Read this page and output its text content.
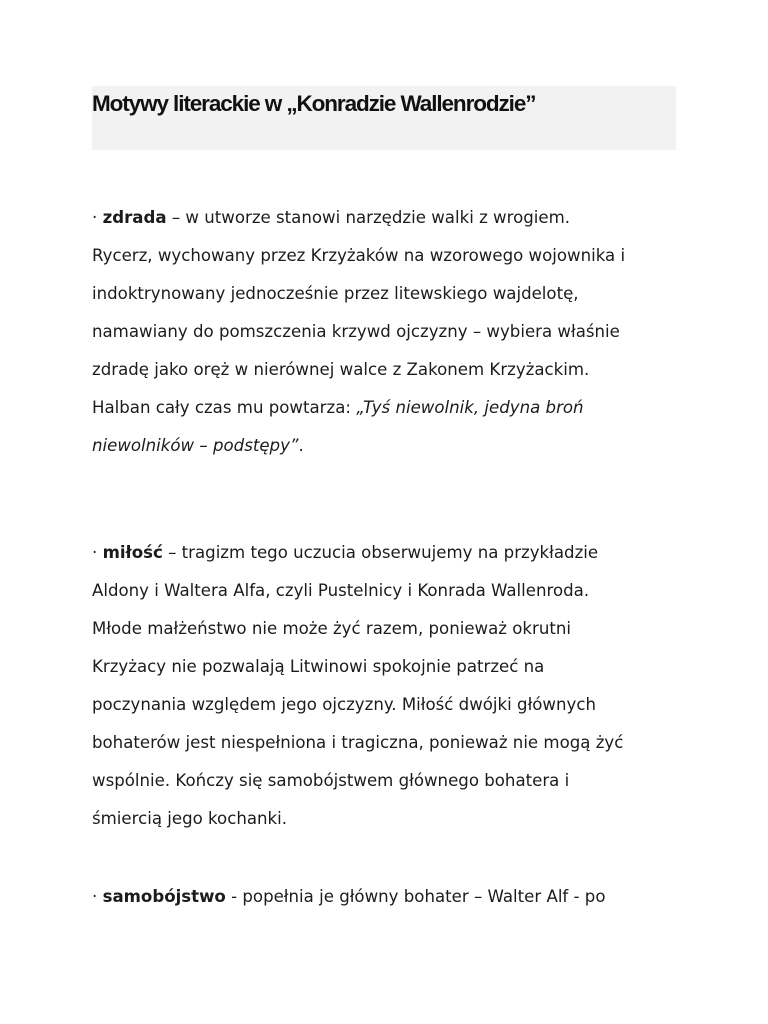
Motywy literackie w „Konradzie Wallenrodzie”

· zdrada – w utworze stanowi narzędzie walki z wrogiem.

Rycerz, wychowany przez Krzyżaków na wzorowego wojownika i

indoktrynowany jednocześnie przez litewskiego wajdelotę,

namawiany do pomszczenia krzywd ojczyzny – wybiera właśnie

zdradę jako oręż w nierównej walce z Zakonem Krzyżackim.

Halban cały czas mu powtarza: „Tyś niewolnik, jedyna broń

niewolników – podstępy”.

· miłość – tragizm tego uczucia obserwujemy na przykładzie

Aldony i Waltera Alfa, czyli Pustelnicy i Konrada Wallenroda.

Młode małżeństwo nie może żyć razem, ponieważ okrutni

Krzyżacy nie pozwalają Litwinowi spokojnie patrzeć na

poczynania względem jego ojczyzny. Miłość dwójki głównych

bohaterów jest niespełniona i tragiczna, ponieważ nie mogą żyć

wspólnie. Kończy się samobójstwem głównego bohatera i

śmiercią jego kochanki.

· samobójstwo - popełnia je główny bohater – Walter Alf - po
